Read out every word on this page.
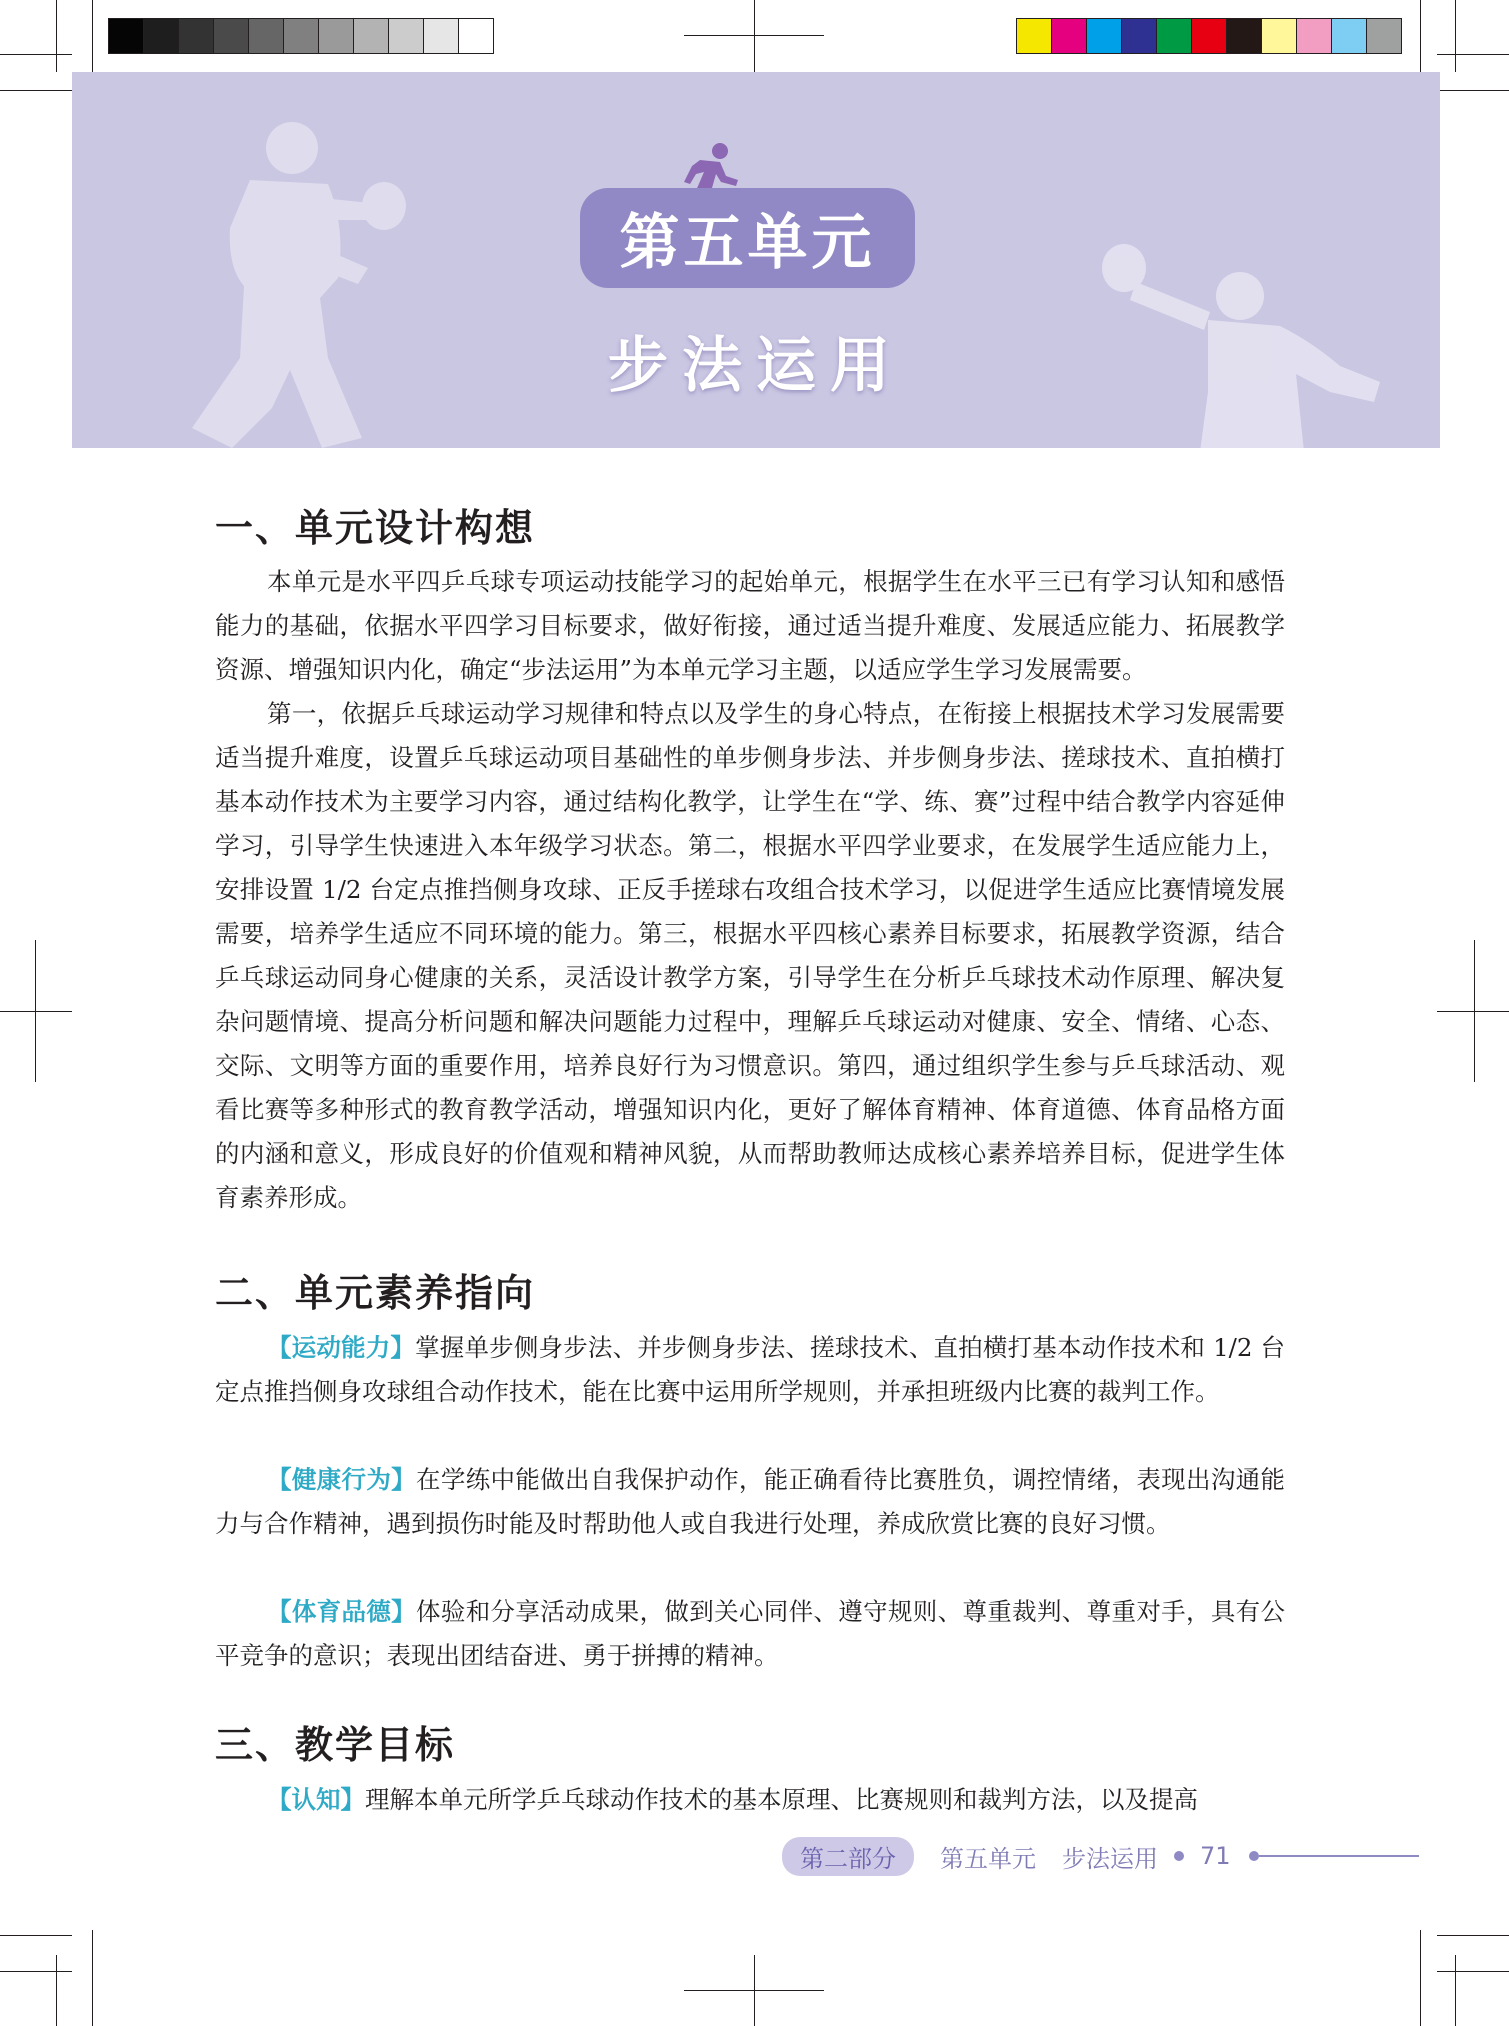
第五单元
步法运用
一、单元设计构想

本单元是水平四乒乓球专项运动技能学习的起始单元，根据学生在水平三已有学习认知和感悟能力的基础，依据水平四学习目标要求，做好衔接，通过适当提升难度、发展适应能力、拓展教学资源、增强知识内化，确定“步法运用”为本单元学习主题，以适应学生学习发展需要。

第一，依据乒乓球运动学习规律和特点以及学生的身心特点，在衔接上根据技术学习发展需要适当提升难度，设置乒乓球运动项目基础性的单步侧身步法、并步侧身步法、搓球技术、直拍横打基本动作技术为主要学习内容，通过结构化教学，让学生在“学、练、赛”过程中结合教学内容延伸学习，引导学生快速进入本年级学习状态。第二，根据水平四学业要求，在发展学生适应能力上，安排设置 1/2 台定点推挡侧身攻球、正反手搓球右攻组合技术学习，以促进学生适应比赛情境发展需要，培养学生适应不同环境的能力。第三，根据水平四核心素养目标要求，拓展教学资源，结合乒乓球运动同身心健康的关系，灵活设计教学方案，引导学生在分析乒乓球技术动作原理、解决复杂问题情境、提高分析问题和解决问题能力过程中，理解乒乓球运动对健康、安全、情绪、心态、交际、文明等方面的重要作用，培养良好行为习惯意识。第四，通过组织学生参与乒乓球活动、观看比赛等多种形式的教育教学活动，增强知识内化，更好了解体育精神、体育道德、体育品格方面的内涵和意义，形成良好的价值观和精神风貌，从而帮助教师达成核心素养培养目标，促进学生体育素养形成。

二、单元素养指向

【运动能力】掌握单步侧身步法、并步侧身步法、搓球技术、直拍横打基本动作技术和 1/2 台定点推挡侧身攻球组合动作技术，能在比赛中运用所学规则，并承担班级内比赛的裁判工作。

【健康行为】在学练中能做出自我保护动作，能正确看待比赛胜负，调控情绪，表现出沟通能力与合作精神，遇到损伤时能及时帮助他人或自我进行处理，养成欣赏比赛的良好习惯。

【体育品德】体验和分享活动成果，做到关心同伴、遵守规则、尊重裁判、尊重对手，具有公平竞争的意识；表现出团结奋进、勇于拼搏的精神。

三、教学目标

【认知】理解本单元所学乒乓球动作技术的基本原理、比赛规则和裁判方法，以及提高

第二部分	第五单元 步法运用 71
